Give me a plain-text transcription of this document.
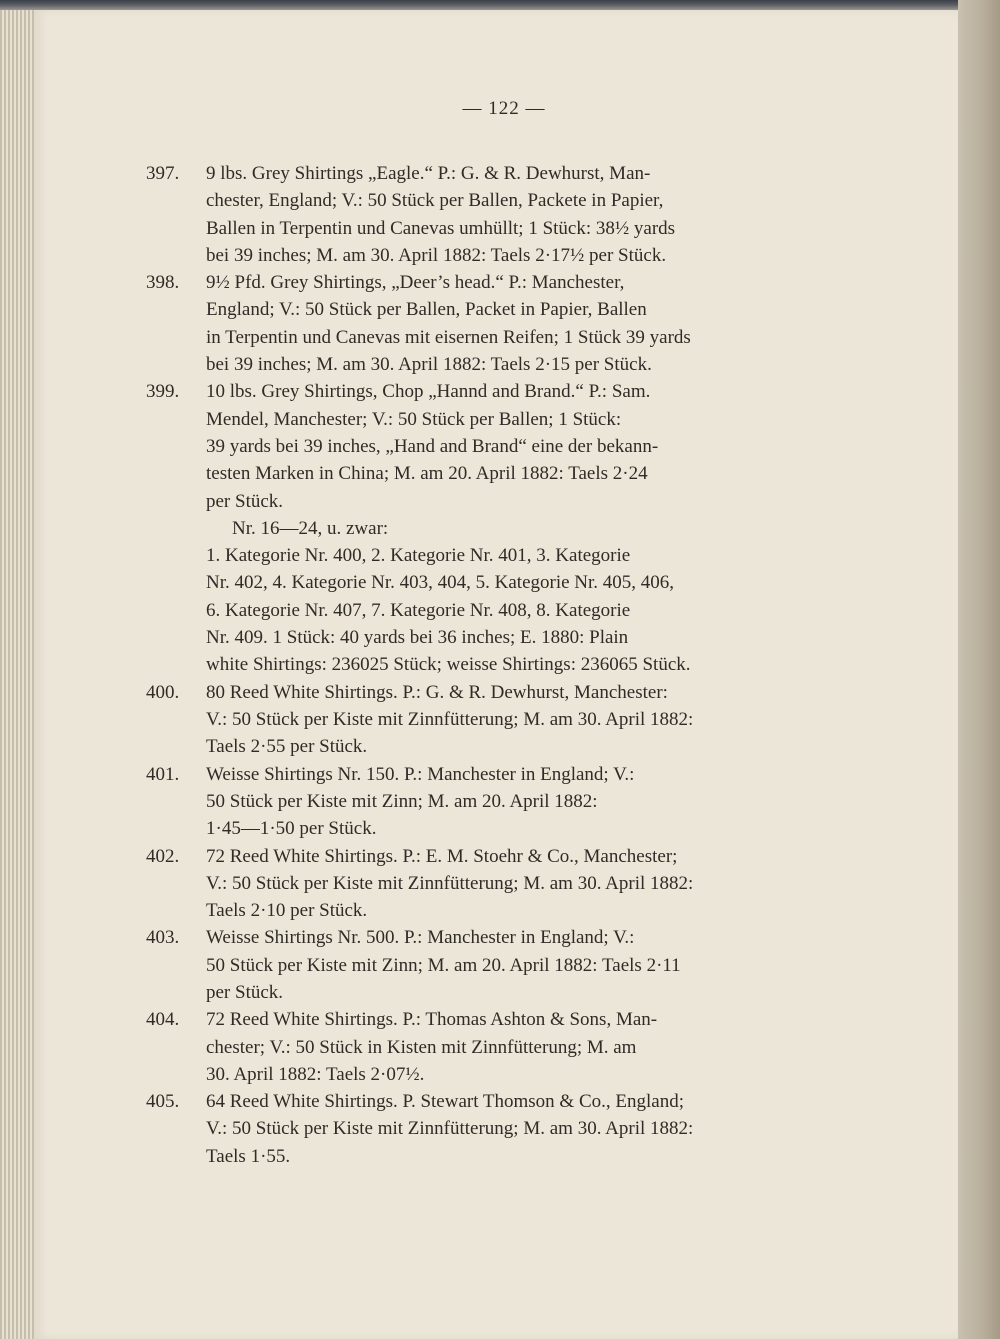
— 122 —
397.	9 lbs. Grey Shirtings „Eagle.“ P.: G. & R. Dewhurst, Man-
chester, England; V.: 50 Stück per Ballen, Packete in Papier,
Ballen in Terpentin und Canevas umhüllt; 1 Stück: 38½ yards
bei 39 inches; M. am 30. April 1882: Taels 2·17½ per Stück.
398.	9½ Pfd. Grey Shirtings, „Deer’s head.“ P.: Manchester,
England; V.: 50 Stück per Ballen, Packet in Papier, Ballen
in Terpentin und Canevas mit eisernen Reifen; 1 Stück 39 yards
bei 39 inches; M. am 30. April 1882: Taels 2·15 per Stück.
399.	10 lbs. Grey Shirtings, Chop „Hannd and Brand.“ P.: Sam.
Mendel, Manchester; V.: 50 Stück per Ballen; 1 Stück:
39 yards bei 39 inches, „Hand and Brand“ eine der bekann-
testen Marken in China; M. am 20. April 1882: Taels 2·24
per Stück.
Nr. 16—24, u. zwar:
1. Kategorie Nr. 400, 2. Kategorie Nr. 401, 3. Kategorie
Nr. 402, 4. Kategorie Nr. 403, 404, 5. Kategorie Nr. 405, 406,
6. Kategorie Nr. 407, 7. Kategorie Nr. 408, 8. Kategorie
Nr. 409. 1 Stück: 40 yards bei 36 inches; E. 1880: Plain
white Shirtings: 236025 Stück; weisse Shirtings: 236065 Stück.
400.	80 Reed White Shirtings. P.: G. & R. Dewhurst, Manchester:
V.: 50 Stück per Kiste mit Zinnfütterung; M. am 30. April 1882:
Taels 2·55 per Stück.
401.	Weisse Shirtings Nr. 150. P.: Manchester in England; V.:
50 Stück per Kiste mit Zinn; M. am 20. April 1882:
1·45—1·50 per Stück.
402.	72 Reed White Shirtings. P.: E. M. Stoehr & Co., Manchester;
V.: 50 Stück per Kiste mit Zinnfütterung; M. am 30. April 1882:
Taels 2·10 per Stück.
403.	Weisse Shirtings Nr. 500. P.: Manchester in England; V.:
50 Stück per Kiste mit Zinn; M. am 20. April 1882: Taels 2·11
per Stück.
404.	72 Reed White Shirtings. P.: Thomas Ashton & Sons, Man-
chester; V.: 50 Stück in Kisten mit Zinnfütterung; M. am
30. April 1882: Taels 2·07½.
405.	64 Reed White Shirtings. P. Stewart Thomson & Co., England;
V.: 50 Stück per Kiste mit Zinnfütterung; M. am 30. April 1882:
Taels 1·55.
